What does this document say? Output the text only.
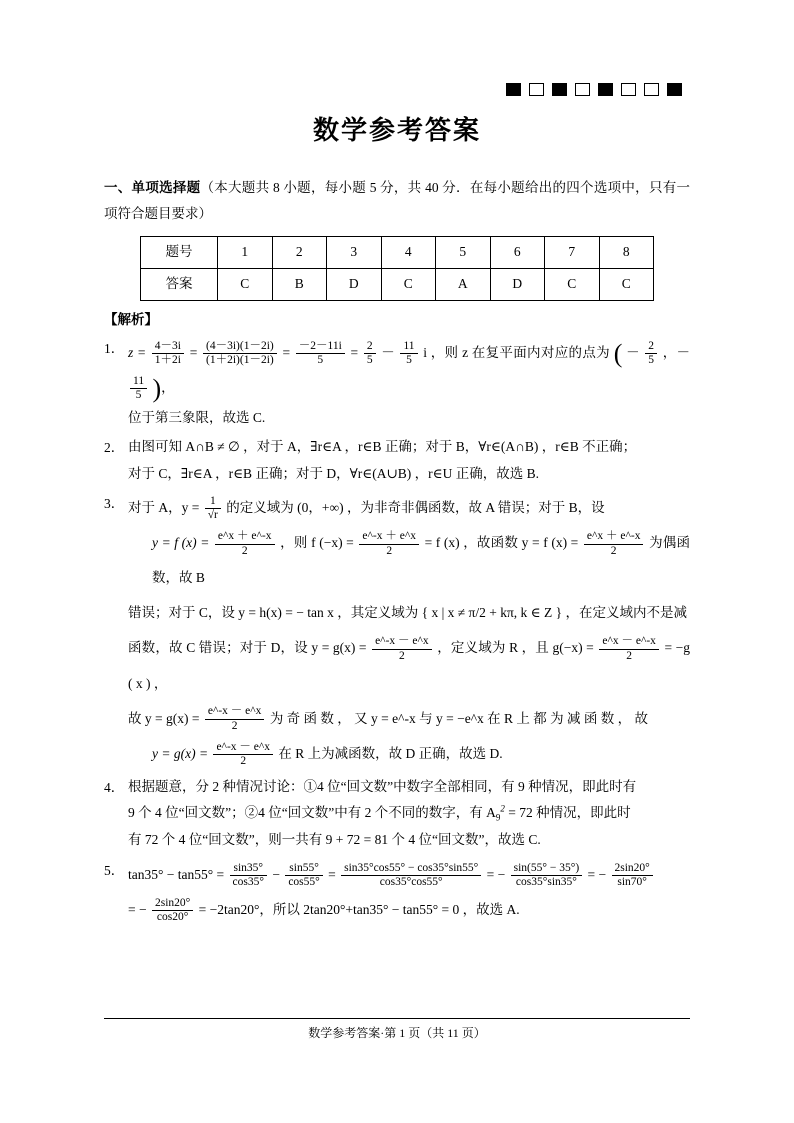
数学参考答案

一、单项选择题（本大题共 8 小题，每小题 5 分，共 40 分．在每小题给出的四个选项中，只有一项符合题目要求）

题号	1	2	3	4	5	6	7	8
答案	C	B	D	C	A	D	C	C
【解析】
1． $z = \frac{4-3i}{1+2i} = \frac{(4-3i)(1-2i)}{(1+2i)(1-2i)} = \frac{-2-11i}{5} = \frac{2}{5} - \frac{11}{5}$ i ，则 z 在复平面内对应的点为 ( － $\frac{2}{5}$ ，－
$\frac{11}{5}$ )，
位于第三象限，故选 C.
2． 由图可知 A∩B ≠ ∅ ，对于 A，∃r∈A ，r∈B 正确；对于 B，∀r∈(A∩B) ，r∈B 不正确；
对于 C，∃r∈A ，r∈B 正确；对于 D，∀r∈(A∪B) ，r∈U 正确，故选 B.
3． 对于 A，$y = \frac{1}{√r}$ 的定义域为 (0，+∞) ，为非奇非偶函数，故 A 错误；对于 B，设
y = f $(x) = \frac{e\^{}x + e\^{}-x}{2}$ ，则 f $(-x) = \frac{e\^{}-x + e\^{}x}{2} = f$ (x) ，故函数 y = f $(x) = \frac{e\^{}x + e\^{}-x}{2}$ 为偶函数，故 B
错误；对于 C，设 y = h(x) = − tan x ，其定义域为 { x | x ≠ π/2 + kπ, k ∈ Z } ，在定义域内不是减
函数，故 C 错误；对于 D，设 $y = g(x) = \frac{e\^{}-x - e\^{}x}{2}$ ，定义域为 R ，且 $g(-x) = \frac{e\^{}x - e\^{}-x}{2} = -g$ ( x ) ，
故 $y = g(x) = \frac{e\^{}-x - e\^{}x}{2}$ 为 奇 函 数 ， 又 y = e^-x 与 y = −e^x 在 R 上 都 为 减 函 数 ， 故
$y = g(x) = \frac{e\^{}-x - e\^{}x}{2}$ 在 R 上为减函数，故 D 正确，故选 D.
4． 根据题意，分 2 种情况讨论：①4 位“回文数”中数字全部相同，有 9 种情况，即此时有
9 个 4 位“回文数”；②4 位“回文数”中有 2 个不同的数字，有 $A_9^2 = 72$ 种情况，即此时
有 72 个 4 位“回文数”，则一共有 9 + 72 = 81 个 4 位“回文数”，故选 C.
5． $\tan 35^\circ - \tan 55^\circ = \frac{\sin 35^\circ}{\cos 35^\circ} - \frac{\sin 55^\circ}{\cos 55^\circ} = \frac{\sin 35^\circ\cos 55^\circ - \cos 35^\circ\sin 55^\circ}{\cos 35^\circ\cos 55^\circ}$ = − $\frac{\sin(55^\circ - 35^\circ)}{\cos 35^\circ\sin 35^\circ}$ = − $\frac{2\sin 20^\circ}{\sin 70^\circ}$
= − $\frac{2\sin 20^\circ}{\cos 20^\circ} = -2\tan 20^\circ$，所以 2tan20°+tan35° − tan55° = 0 ，故选 A.
数学参考答案·第 1 页（共 11 页）
